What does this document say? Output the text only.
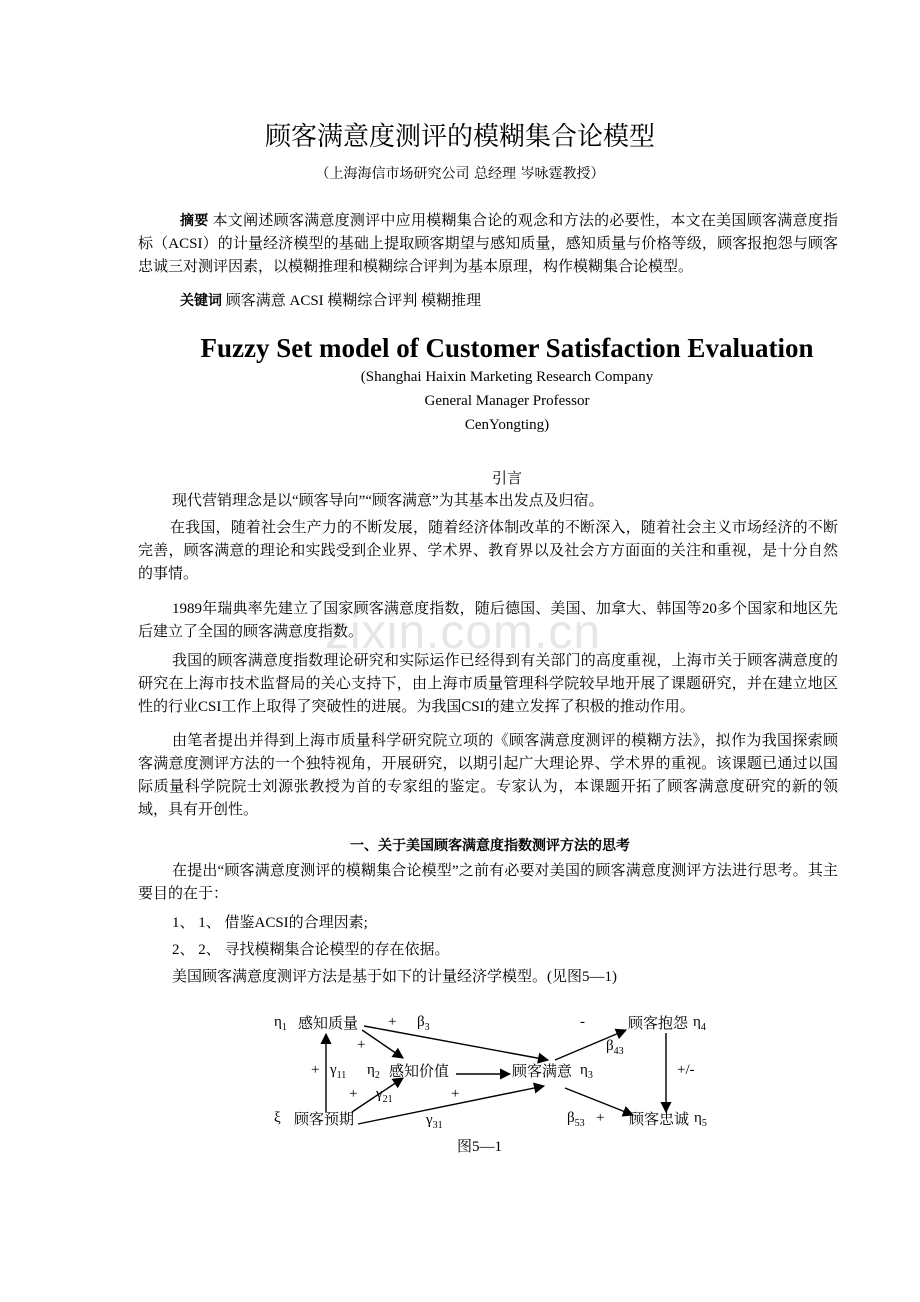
zixin.com.cn
顾客满意度测评的模糊集合论模型
（上海海信市场研究公司 总经理 岑咏霆教授）
摘要 本文阐述顾客满意度测评中应用模糊集合论的观念和方法的必要性，本文在美国顾客满意度指标（ACSI）的计量经济模型的基础上提取顾客期望与感知质量，感知质量与价格等级，顾客报抱怨与顾客忠诚三对测评因素，以模糊推理和模糊综合评判为基本原理，构作模糊集合论模型。
关键词 顾客满意 ACSI 模糊综合评判 模糊推理
Fuzzy Set model of Customer Satisfaction Evaluation
(Shanghai Haixin Marketing Research Company
General Manager Professor
CenYongting)
引言
现代营销理念是以“顾客导向”“顾客满意”为其基本出发点及归宿。
在我国，随着社会生产力的不断发展，随着经济体制改革的不断深入，随着社会主义市场经济的不断完善，顾客满意的理论和实践受到企业界、学术界、教育界以及社会方方面面的关注和重视，是十分自然的事情。
1989年瑞典率先建立了国家顾客满意度指数，随后德国、美国、加拿大、韩国等20多个国家和地区先后建立了全国的顾客满意度指数。
我国的顾客满意度指数理论研究和实际运作已经得到有关部门的高度重视，上海市关于顾客满意度的研究在上海市技术监督局的关心支持下，由上海市质量管理科学院较早地开展了课题研究，并在建立地区性的行业CSI工作上取得了突破性的进展。为我国CSI的建立发挥了积极的推动作用。
由笔者提出并得到上海市质量科学研究院立项的《顾客满意度测评的模糊方法》，拟作为我国探索顾客满意度测评方法的一个独特视角，开展研究，以期引起广大理论界、学术界的重视。该课题已通过以国际质量科学院院士刘源张教授为首的专家组的鉴定。专家认为，本课题开拓了顾客满意度研究的新的领域，具有开创性。
一、关于美国顾客满意度指数测评方法的思考
在提出“顾客满意度测评的模糊集合论模型”之前有必要对美国的顾客满意度测评方法进行思考。其主要目的在于：
1、 1、 借鉴ACSI的合理因素;
2、 2、 寻找模糊集合论模型的存在依据。
美国顾客满意度测评方法是基于如下的计量经济学模型。(见图5—1)
$\eta_1$ 感知质量 + $\beta_3$	-	顾客抱怨 $\eta_4$
+	$\beta_{43}$
+ $\gamma_{11}$ $\eta_2$ 感知价值	顾客满意 $\eta_3$	+/-
+ $\gamma_{21}$	+
ξ 顾客预期	$\gamma_{31}$	$\beta_{53}$ + 顾客忠诚 $\eta_5$
图5—1
